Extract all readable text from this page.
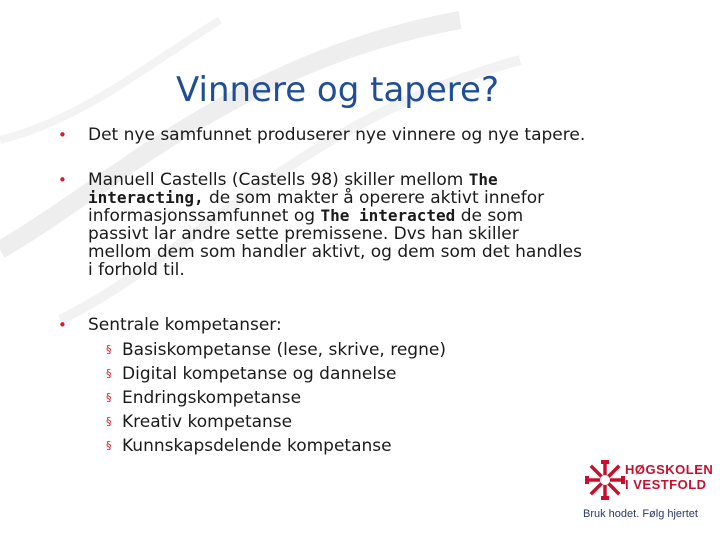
Vinnere og tapere?
• Det nye samfunnet produserer nye vinnere og nye tapere.
• Manuell Castells (Castells 98) skiller mellom The
interacting, de som makter å operere aktivt innefor
informasjonssamfunnet og The interacted de som
passivt lar andre sette premissene. Dvs han skiller
mellom dem som handler aktivt, og dem som det handles
i forhold til.
• Sentrale kompetanser:
§ Basiskompetanse (lese, skrive, regne)
§ Digital kompetanse og dannelse
§ Endringskompetanse
§ Kreativ kompetanse
§ Kunnskapsdelende kompetanse
HØGSKOLEN
I VESTFOLD
Bruk hodet. Følg hjertet
